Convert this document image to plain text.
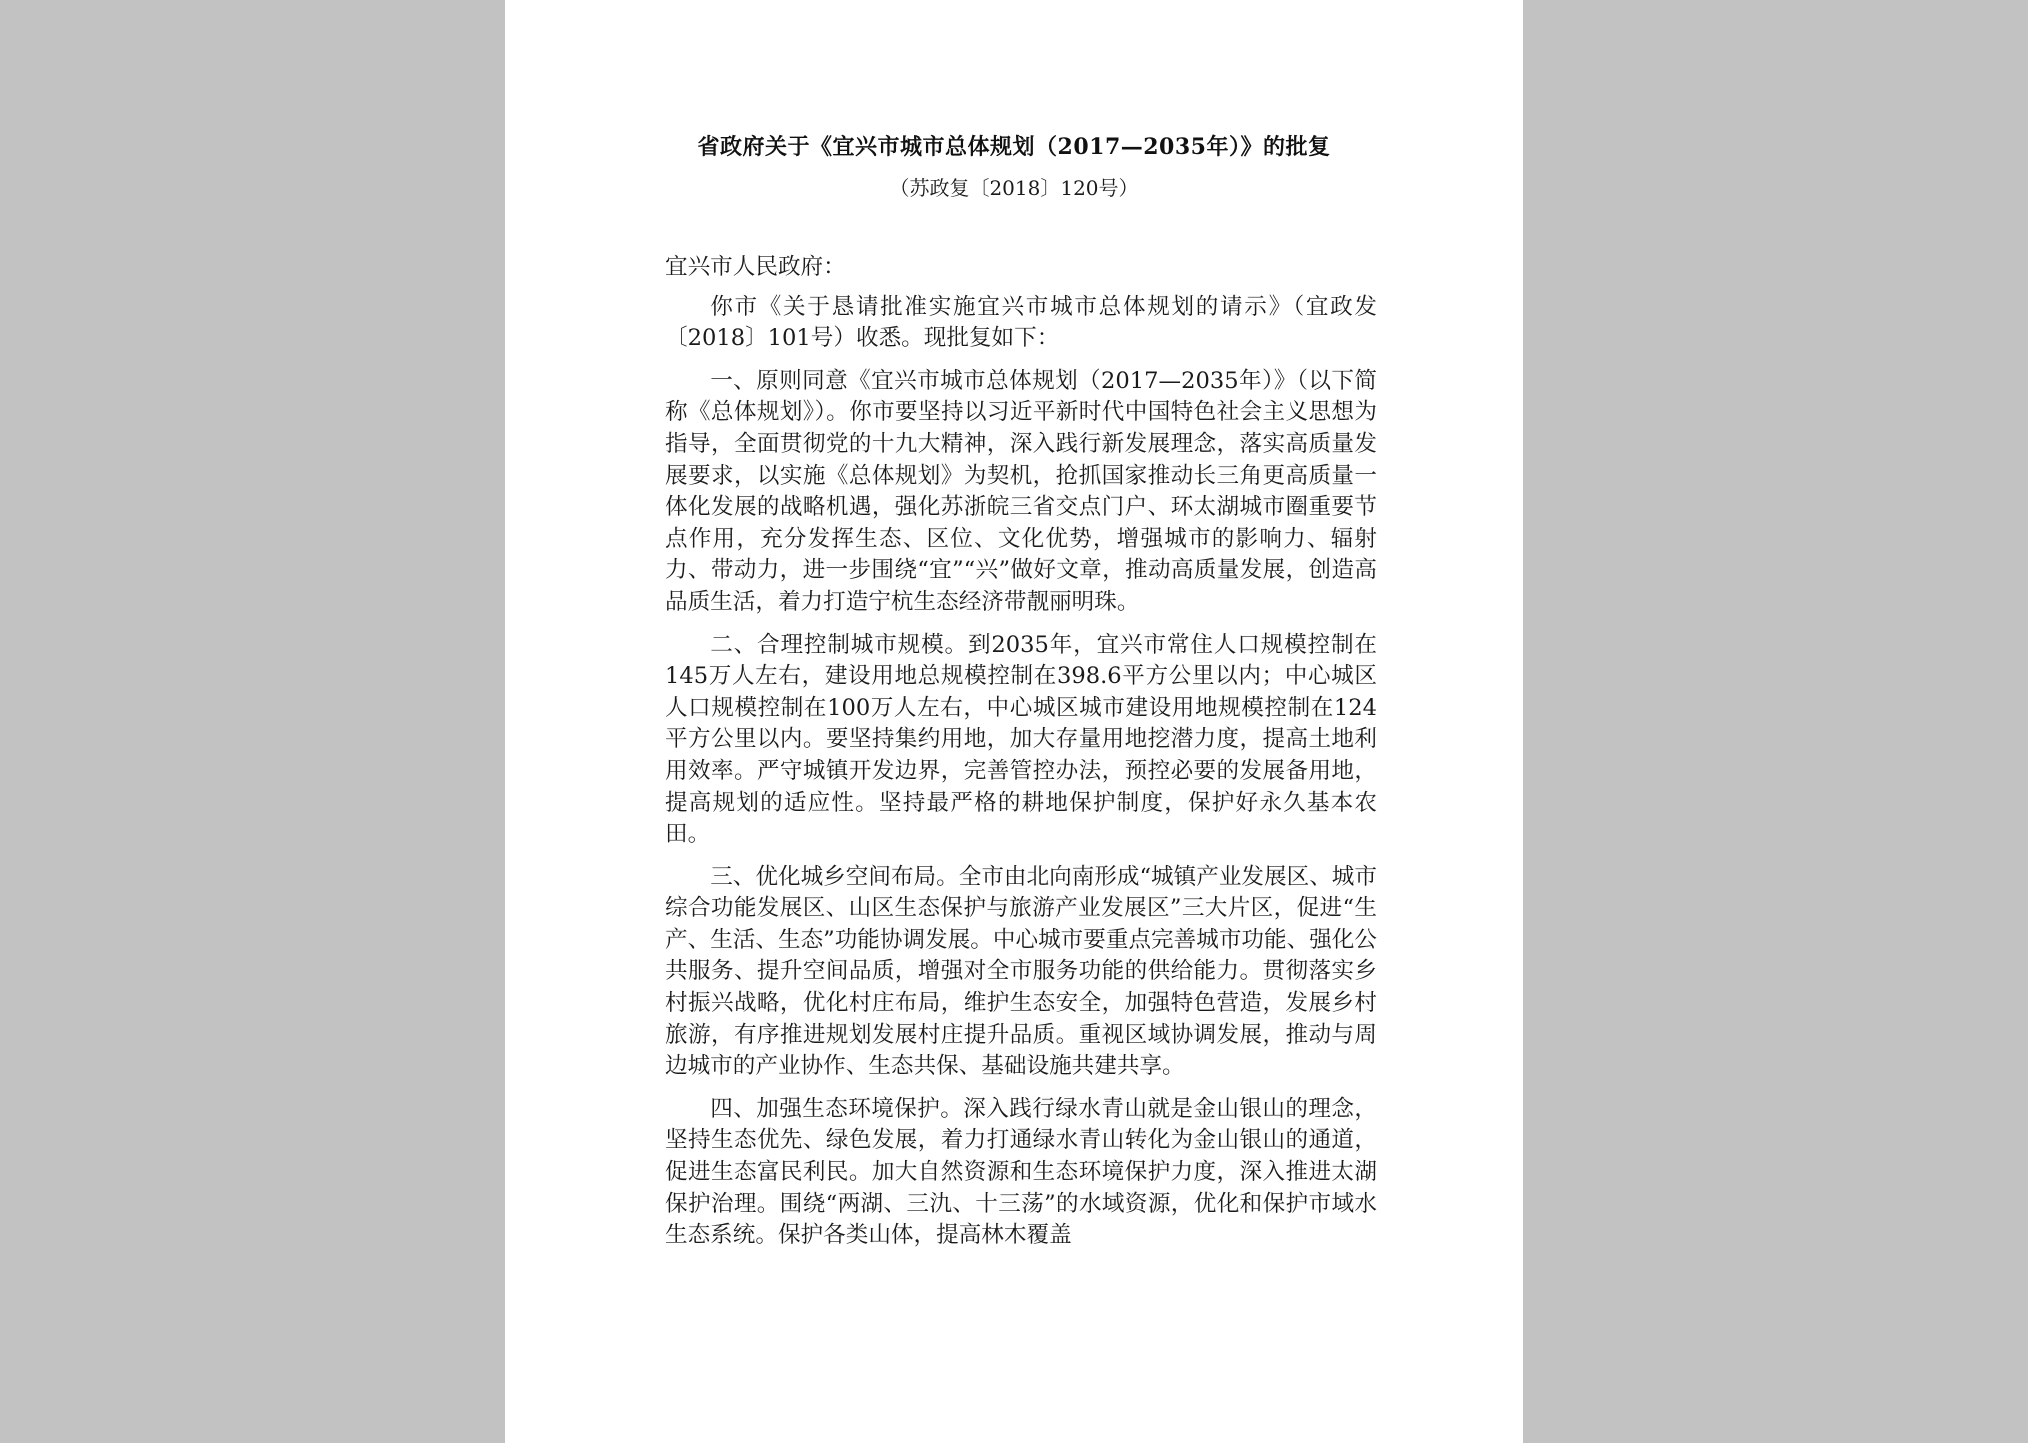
省政府关于《宜兴市城市总体规划（2017—2035年）》的批复
（苏政复〔2018〕120号）

宜兴市人民政府：

你市《关于恳请批准实施宜兴市城市总体规划的请示》（宜政发〔2018〕101号）收悉。现批复如下：

一、原则同意《宜兴市城市总体规划（2017—2035年）》（以下简称《总体规划》）。你市要坚持以习近平新时代中国特色社会主义思想为指导，全面贯彻党的十九大精神，深入践行新发展理念，落实高质量发展要求，以实施《总体规划》为契机，抢抓国家推动长三角更高质量一体化发展的战略机遇，强化苏浙皖三省交点门户、环太湖城市圈重要节点作用，充分发挥生态、区位、文化优势，增强城市的影响力、辐射力、带动力，进一步围绕“宜”“兴”做好文章，推动高质量发展，创造高品质生活，着力打造宁杭生态经济带靓丽明珠。

二、合理控制城市规模。到2035年，宜兴市常住人口规模控制在145万人左右，建设用地总规模控制在398.6平方公里以内；中心城区人口规模控制在100万人左右，中心城区城市建设用地规模控制在124平方公里以内。要坚持集约用地，加大存量用地挖潜力度，提高土地利用效率。严守城镇开发边界，完善管控办法，预控必要的发展备用地，提高规划的适应性。坚持最严格的耕地保护制度，保护好永久基本农田。

三、优化城乡空间布局。全市由北向南形成“城镇产业发展区、城市综合功能发展区、山区生态保护与旅游产业发展区”三大片区，促进“生产、生活、生态”功能协调发展。中心城市要重点完善城市功能、强化公共服务、提升空间品质，增强对全市服务功能的供给能力。贯彻落实乡村振兴战略，优化村庄布局，维护生态安全，加强特色营造，发展乡村旅游，有序推进规划发展村庄提升品质。重视区域协调发展，推动与周边城市的产业协作、生态共保、基础设施共建共享。

四、加强生态环境保护。深入践行绿水青山就是金山银山的理念，坚持生态优先、绿色发展，着力打通绿水青山转化为金山银山的通道，促进生态富民利民。加大自然资源和生态环境保护力度，深入推进太湖保护治理。围绕“两湖、三氿、十三荡”的水域资源，优化和保护市域水生态系统。保护各类山体，提高林木覆盖
